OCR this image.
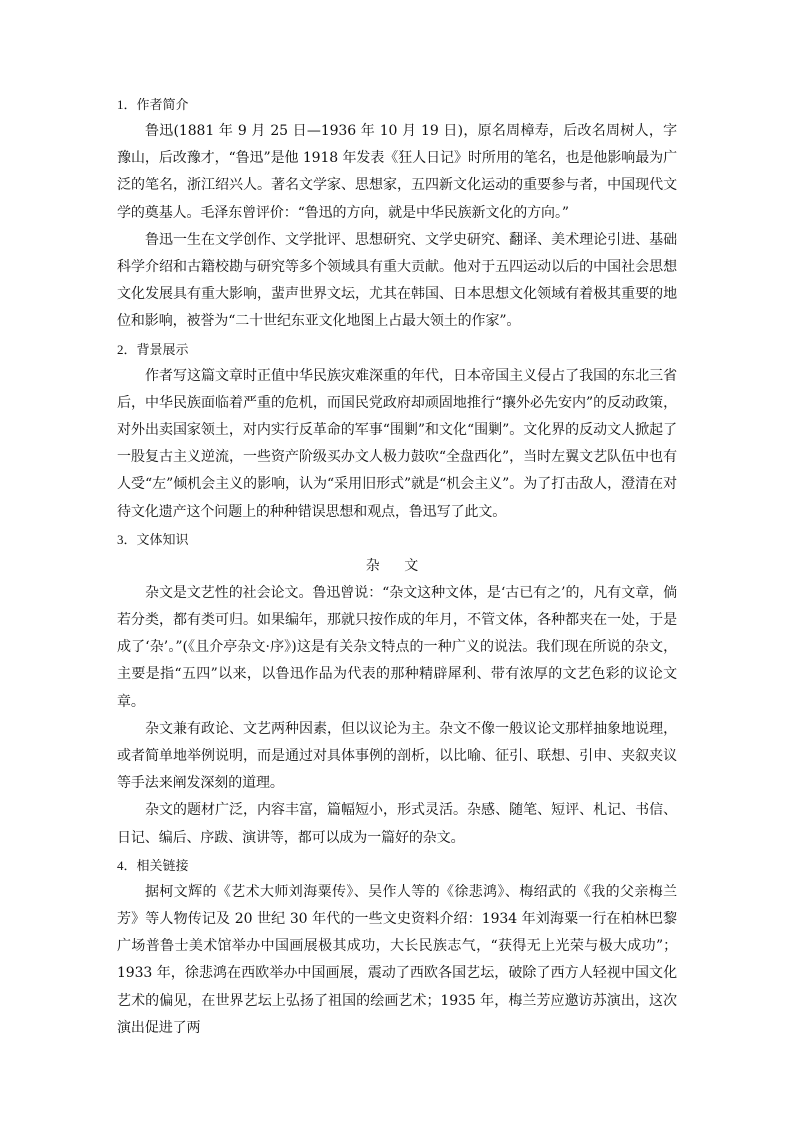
1．作者简介

鲁迅(1881 年 9 月 25 日—1936 年 10 月 19 日)，原名周樟寿，后改名周树人，字豫山，后改豫才，“鲁迅”是他 1918 年发表《狂人日记》时所用的笔名，也是他影响最为广泛的笔名，浙江绍兴人。著名文学家、思想家，五四新文化运动的重要参与者，中国现代文学的奠基人。毛泽东曾评价：“鲁迅的方向，就是中华民族新文化的方向。”

鲁迅一生在文学创作、文学批评、思想研究、文学史研究、翻译、美术理论引进、基础科学介绍和古籍校勘与研究等多个领域具有重大贡献。他对于五四运动以后的中国社会思想文化发展具有重大影响，蜚声世界文坛，尤其在韩国、日本思想文化领域有着极其重要的地位和影响，被誉为“二十世纪东亚文化地图上占最大领土的作家”。

2．背景展示

作者写这篇文章时正值中华民族灾难深重的年代，日本帝国主义侵占了我国的东北三省后，中华民族面临着严重的危机，而国民党政府却顽固地推行“攘外必先安内”的反动政策，对外出卖国家领土，对内实行反革命的军事“围剿”和文化“围剿”。文化界的反动文人掀起了一股复古主义逆流，一些资产阶级买办文人极力鼓吹“全盘西化”，当时左翼文艺队伍中也有人受“左”倾机会主义的影响，认为“采用旧形式”就是“机会主义”。为了打击敌人，澄清在对待文化遗产这个问题上的种种错误思想和观点，鲁迅写了此文。

3．文体知识

杂 文

杂文是文艺性的社会论文。鲁迅曾说：“杂文这种文体，是‘古已有之’的，凡有文章，倘若分类，都有类可归。如果编年，那就只按作成的年月，不管文体，各种都夹在一处，于是成了‘杂’。”(《且介亭杂文·序》)这是有关杂文特点的一种广义的说法。我们现在所说的杂文，主要是指“五四”以来，以鲁迅作品为代表的那种精辟犀利、带有浓厚的文艺色彩的议论文章。

杂文兼有政论、文艺两种因素，但以议论为主。杂文不像一般议论文那样抽象地说理，或者简单地举例说明，而是通过对具体事例的剖析，以比喻、征引、联想、引申、夹叙夹议等手法来阐发深刻的道理。

杂文的题材广泛，内容丰富，篇幅短小，形式灵活。杂感、随笔、短评、札记、书信、日记、编后、序跋、演讲等，都可以成为一篇好的杂文。

4．相关链接

据柯文辉的《艺术大师刘海粟传》、吴作人等的《徐悲鸿》、梅绍武的《我的父亲梅兰芳》等人物传记及 20 世纪 30 年代的一些文史资料介绍：1934 年刘海粟一行在柏林巴黎广场普鲁士美术馆举办中国画展极其成功，大长民族志气，“获得无上光荣与极大成功”；1933 年，徐悲鸿在西欧举办中国画展，震动了西欧各国艺坛，破除了西方人轻视中国文化艺术的偏见，在世界艺坛上弘扬了祖国的绘画艺术；1935 年，梅兰芳应邀访苏演出，这次演出促进了两
